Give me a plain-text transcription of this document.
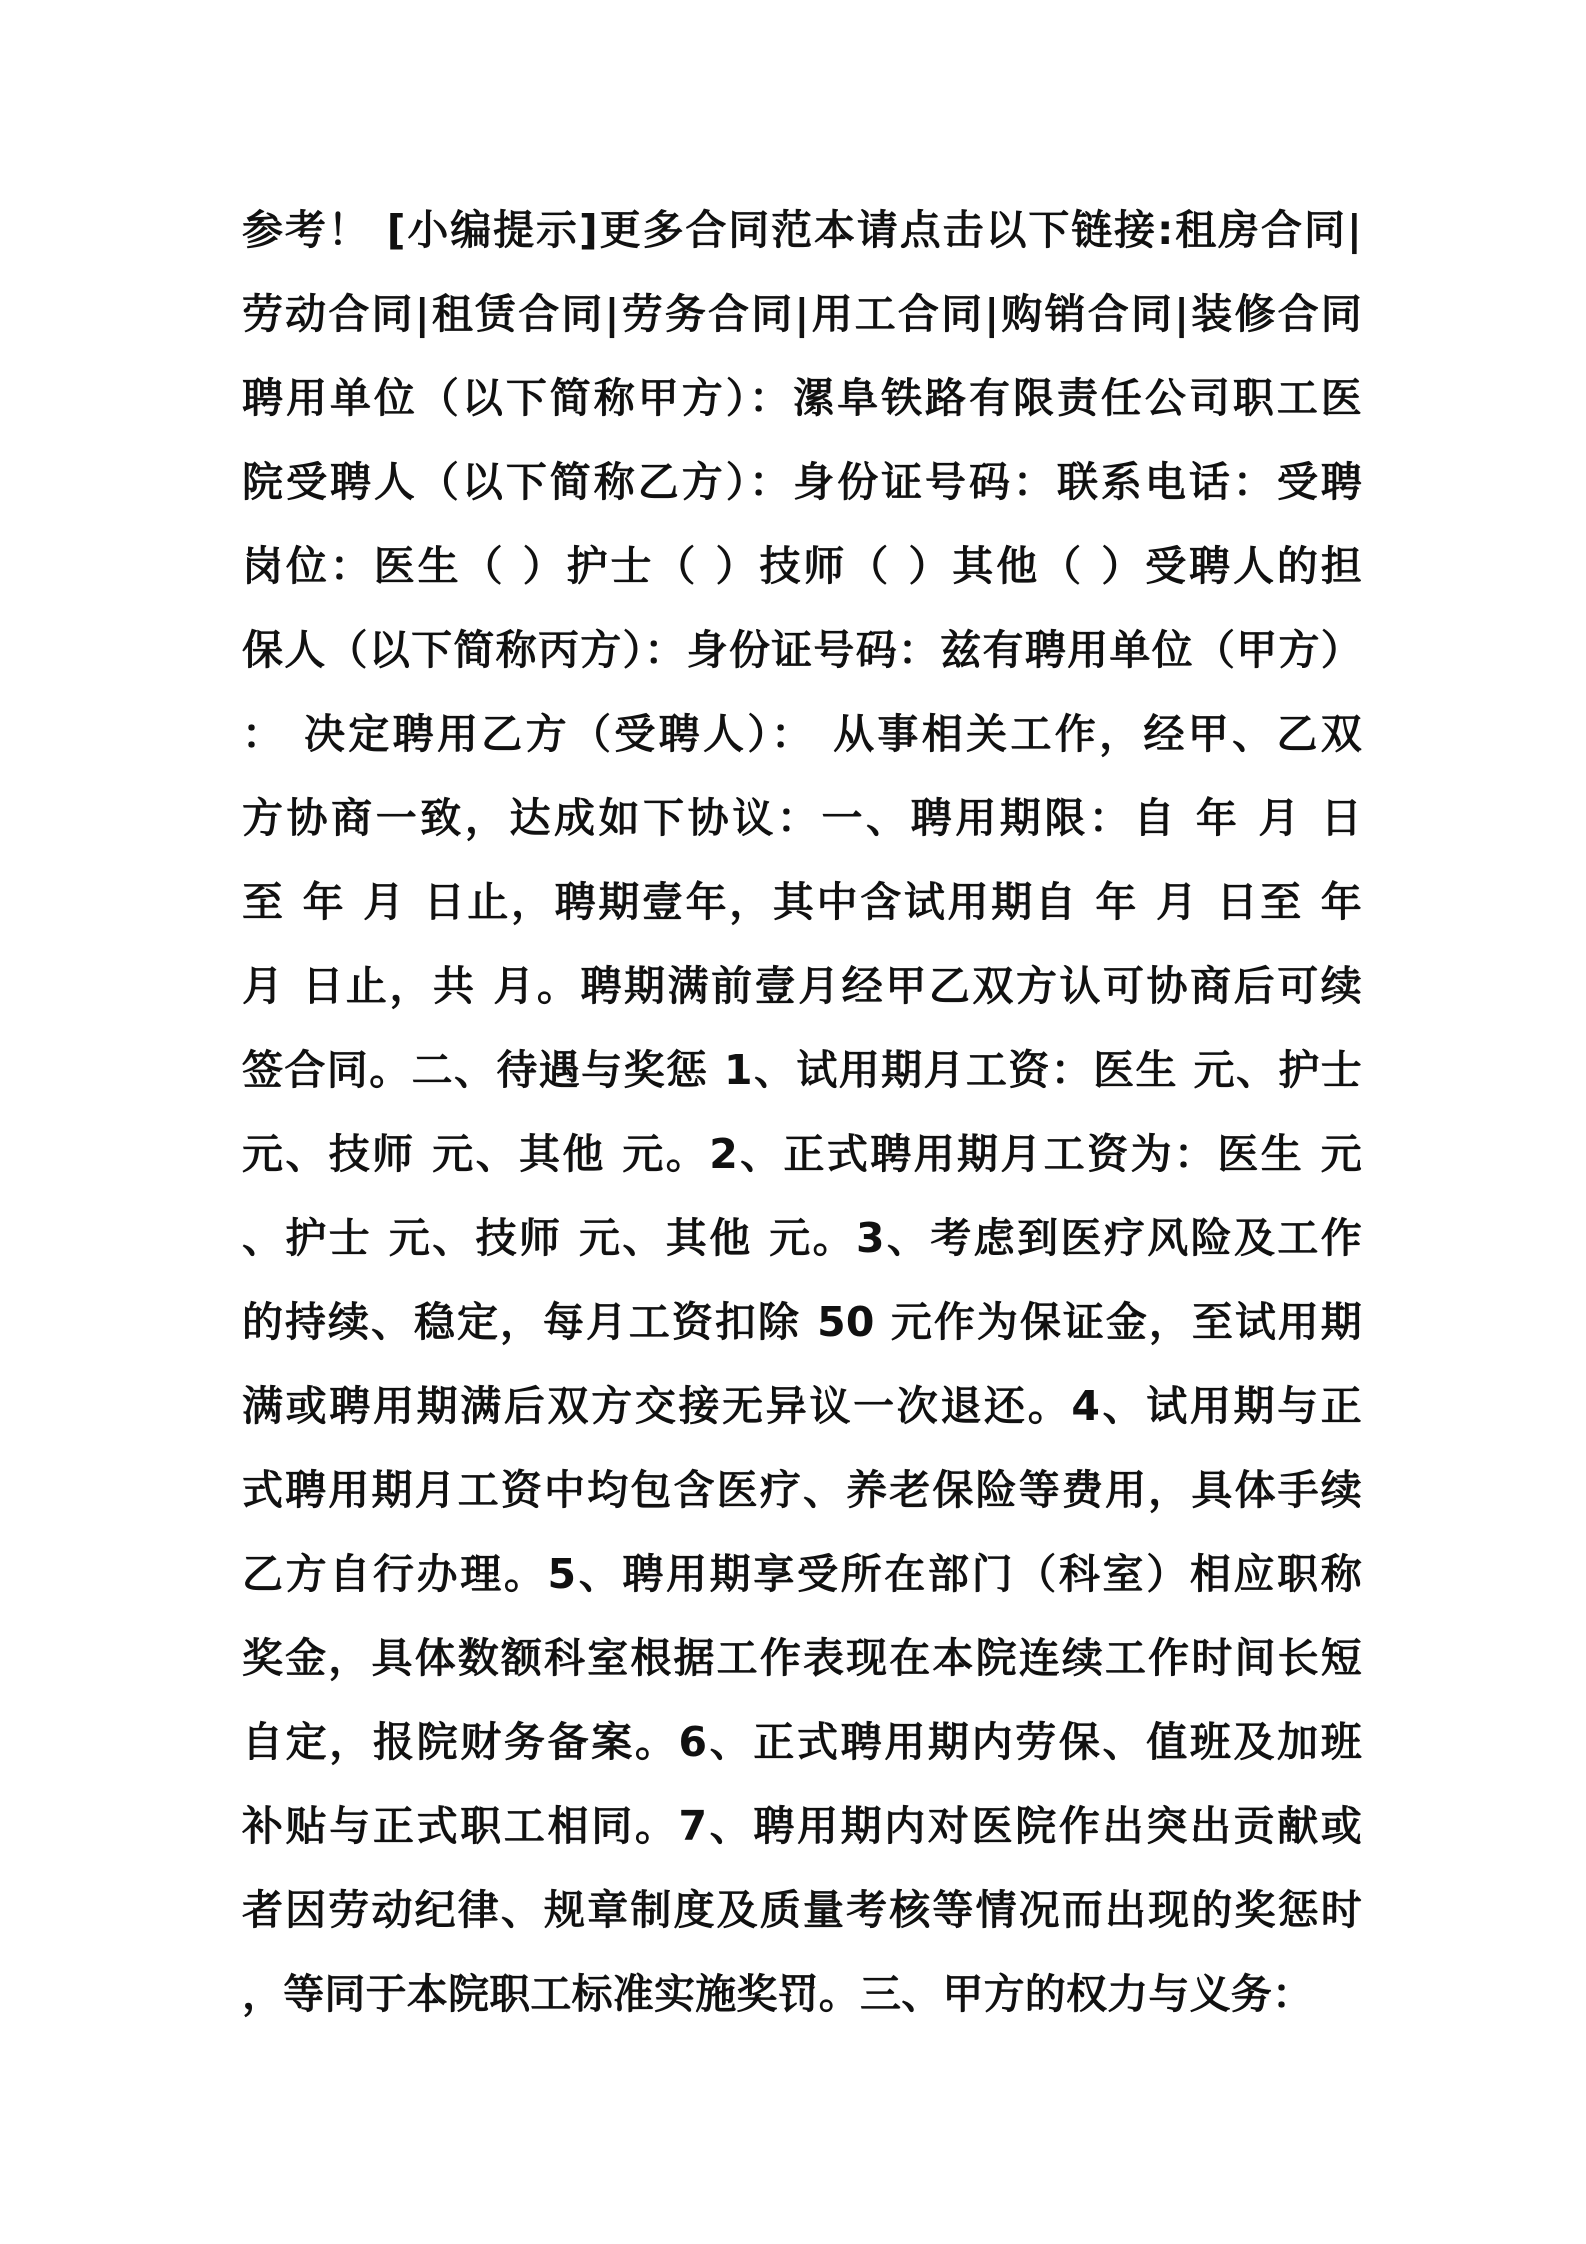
参考！ [小编提示]更多合同范本请点击以下链接:租房合同|
劳动合同|租赁合同|劳务合同|用工合同|购销合同|装修合同
聘用单位（以下简称甲方）：漯阜铁路有限责任公司职工医
院受聘人（以下简称乙方）：身份证号码：联系电话：受聘
岗位：医生（ ）护士（ ）技师（ ）其他（ ）受聘人的担
保人（以下简称丙方）：身份证号码：兹有聘用单位（甲方）
： 决定聘用乙方（受聘人）： 从事相关工作，经甲、乙双
方协商一致，达成如下协议：一、聘用期限：自 年 月 日
至 年 月 日止，聘期壹年，其中含试用期自 年 月 日至 年
月 日止，共 月。聘期满前壹月经甲乙双方认可协商后可续
签合同。二、待遇与奖惩 1、试用期月工资：医生 元、护士
元、技师 元、其他 元。2、正式聘用期月工资为：医生 元
、护士 元、技师 元、其他 元。3、考虑到医疗风险及工作
的持续、稳定，每月工资扣除 50 元作为保证金，至试用期
满或聘用期满后双方交接无异议一次退还。4、试用期与正
式聘用期月工资中均包含医疗、养老保险等费用，具体手续
乙方自行办理。5、聘用期享受所在部门（科室）相应职称
奖金，具体数额科室根据工作表现在本院连续工作时间长短
自定，报院财务备案。6、正式聘用期内劳保、值班及加班
补贴与正式职工相同。7、聘用期内对医院作出突出贡献或
者因劳动纪律、规章制度及质量考核等情况而出现的奖惩时
，等同于本院职工标准实施奖罚。三、甲方的权力与义务：
